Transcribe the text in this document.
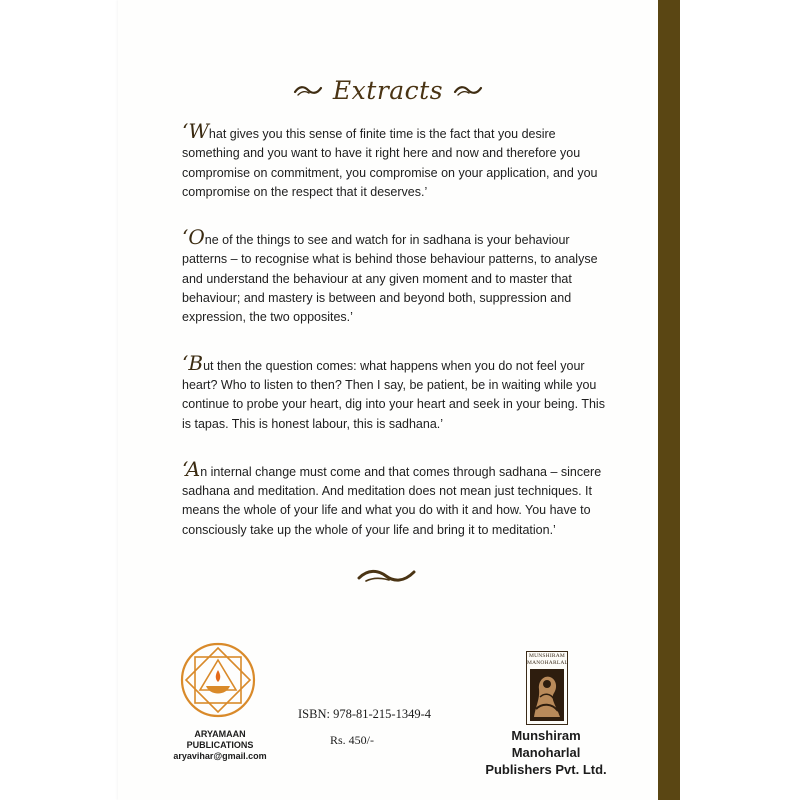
Extracts

‘What gives you this sense of finite time is the fact that you desire something and you want to have it right here and now and therefore you compromise on commitment, you compromise on your application, and you compromise on the respect that it deserves.’

‘One of the things to see and watch for in sadhana is your behaviour patterns – to recognise what is behind those behaviour patterns, to analyse and understand the behaviour at any given moment and to master that behaviour; and mastery is between and beyond both, suppression and expression, the two opposites.’

‘But then the question comes: what happens when you do not feel your heart? Who to listen to then? Then I say, be patient, be in waiting while you continue to probe your heart, dig into your heart and seek in your being. This is tapas. This is honest labour, this is sadhana.’

‘An internal change must come and that comes through sadhana – sincere sadhana and meditation. And meditation does not mean just techniques. It means the whole of your life and what you do with it and how. You have to consciously take up the whole of your life and bring it to meditation.’

ARYAMAAN
PUBLICATIONS
aryavihar@gmail.com
ISBN: 978-81-215-1349-4
Rs. 450/-
MUNSHIRAM
MANOHARLAL
Munshiram Manoharlal
Publishers Pvt. Ltd.
